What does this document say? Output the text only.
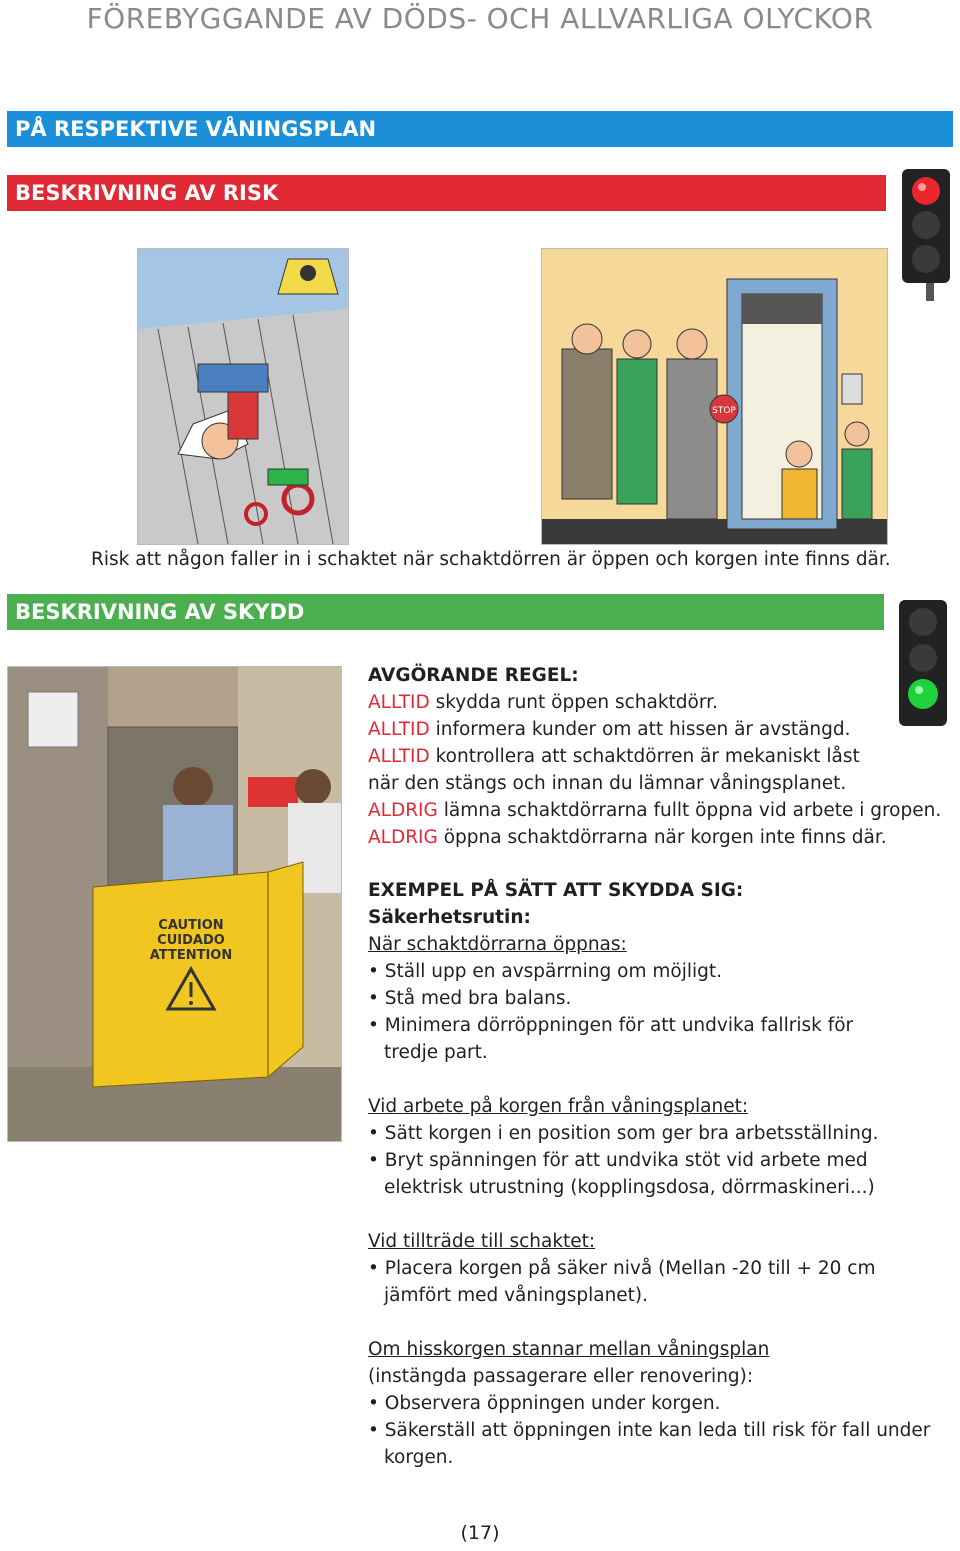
FÖREBYGGANDE AV DÖDS- OCH ALLVARLIGA OLYCKOR
PÅ RESPEKTIVE VÅNINGSPLAN
BESKRIVNING AV RISK
STOP
Risk att någon faller in i schaktet när schaktdörren är öppen och korgen inte finns där.
BESKRIVNING AV SKYDD
CAUTION
CUIDADO
ATTENTION
AVGÖRANDE REGEL:
ALLTID skydda runt öppen schaktdörr.
ALLTID informera kunder om att hissen är avstängd.
ALLTID kontrollera att schaktdörren är mekaniskt låst när den stängs och innan du lämnar våningsplanet.
ALDRIG lämna schaktdörrarna fullt öppna vid arbete i gropen.
ALDRIG öppna schaktdörrarna när korgen inte finns där.
EXEMPEL PÅ SÄTT ATT SKYDDA SIG:
Säkerhetsrutin:
När schaktdörrarna öppnas:
• Ställ upp en avspärrning om möjligt.
• Stå med bra balans.
• Minimera dörröppningen för att undvika fallrisk för tredje part.
Vid arbete på korgen från våningsplanet:
• Sätt korgen i en position som ger bra arbetsställning.
• Bryt spänningen för att undvika stöt vid arbete med elektrisk utrustning (kopplingsdosa, dörrmaskineri...)
Vid tillträde till schaktet:
• Placera korgen på säker nivå (Mellan -20 till + 20 cm jämfört med våningsplanet).
Om hisskorgen stannar mellan våningsplan
(instängda passagerare eller renovering):
• Observera öppningen under korgen.
• Säkerställ att öppningen inte kan leda till risk för fall under korgen.
(17)
